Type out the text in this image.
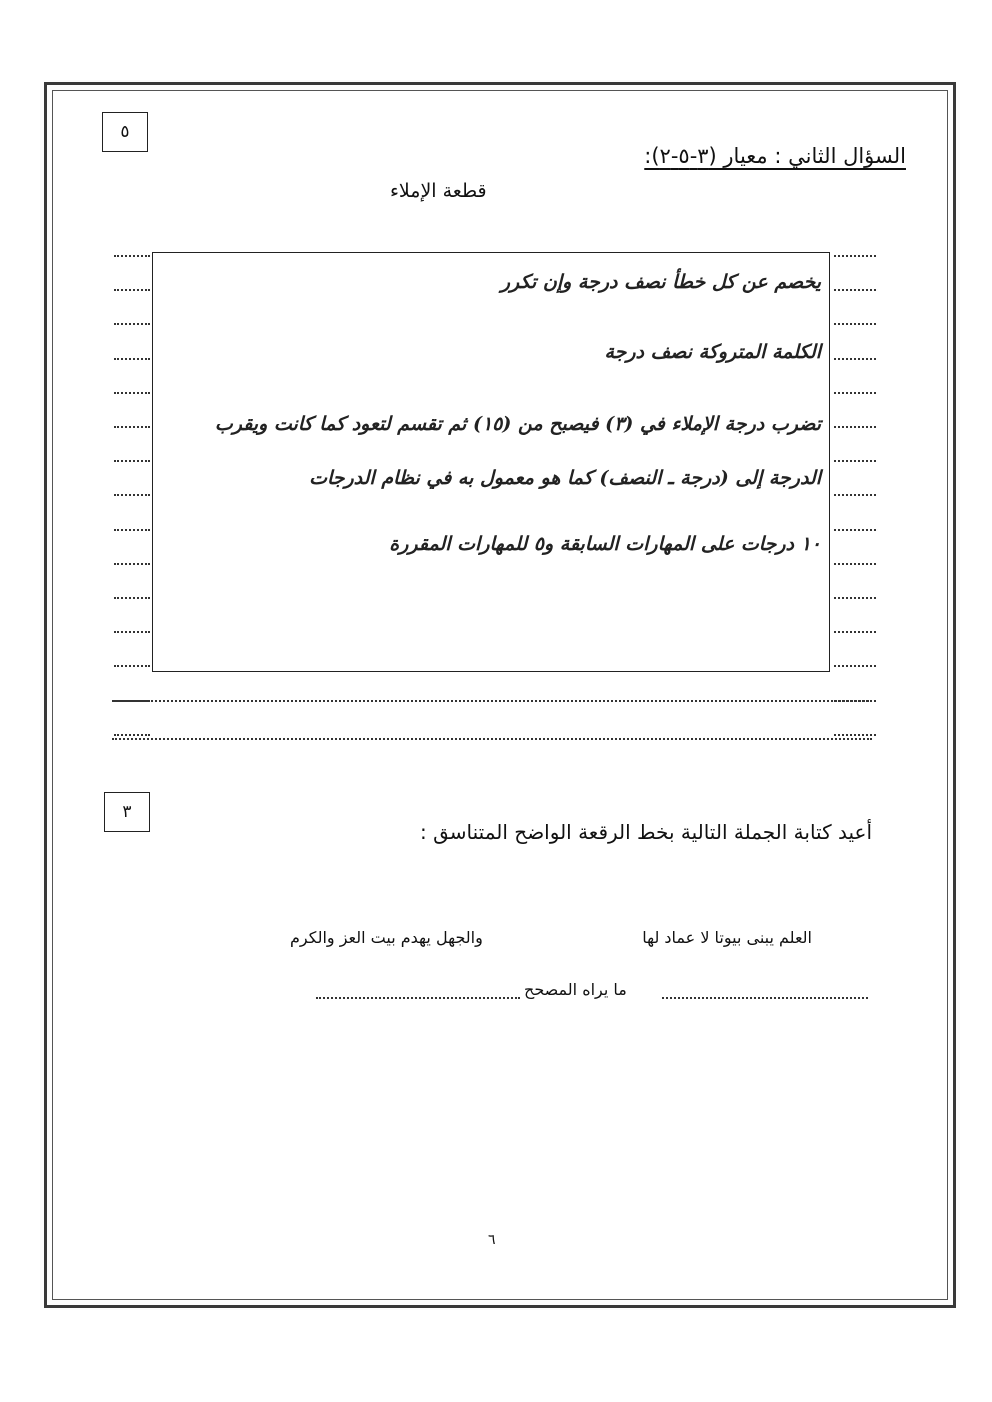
٥
السؤال الثاني : معيار (٣-٥-٢):
قطعة الإملاء
يخصم عن كل خطأ نصف درجة وإن تكرر
الكلمة المتروكة نصف درجة
تضرب درجة الإملاء في (٣) فيصبح من (١٥) ثم تقسم لتعود كما كانت ويقرب
الدرجة إلى (درجة ـ النصف) كما هو معمول به في نظام الدرجات
١٠ درجات على المهارات السابقة و٥ للمهارات المقررة
٣
أعيد كتابة الجملة التالية بخط الرقعة الواضح المتناسق :
العلم يبنى بيوتا لا عماد لها
والجهل يهدم بيت العز والكرم
ما يراه المصحح
٦
